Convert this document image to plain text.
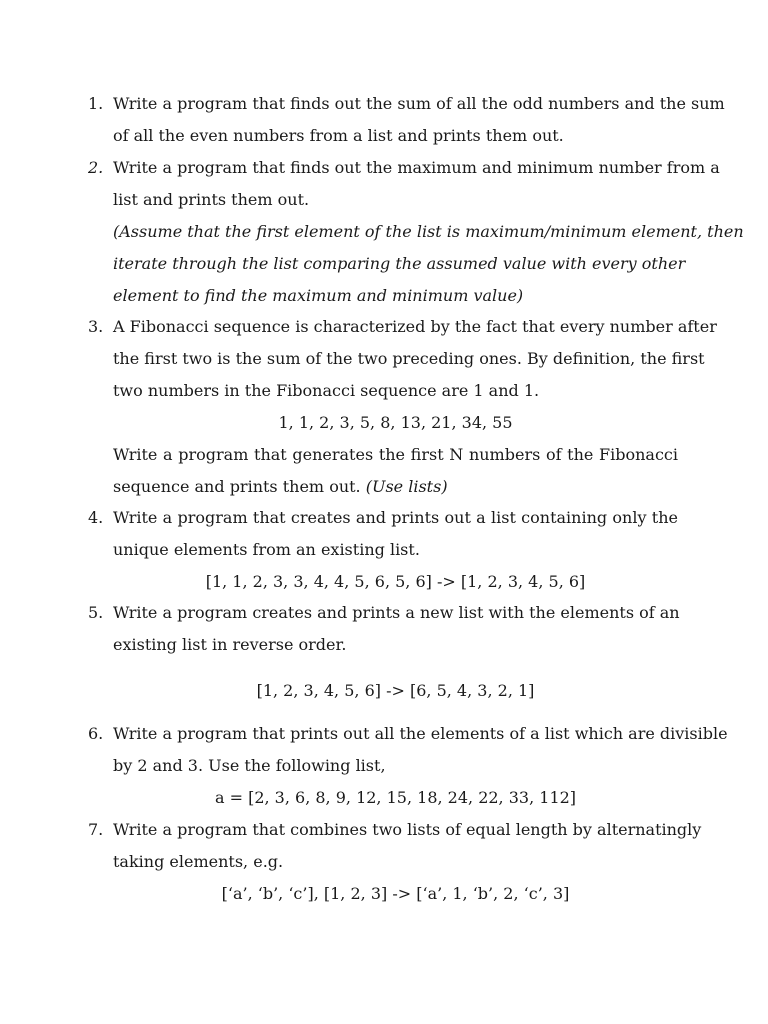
1. Write a program that finds out the sum of all the odd numbers and the sum
of all the even numbers from a list and prints them out.
2. Write a program that finds out the maximum and minimum number from a
list and prints them out.
(Assume that the first element of the list is maximum/minimum element, then
iterate through the list comparing the assumed value with every other
element to find the maximum and minimum value)
3. A Fibonacci sequence is characterized by the fact that every number after
the first two is the sum of the two preceding ones. By definition, the first
two numbers in the Fibonacci sequence are 1 and 1.
1, 1, 2, 3, 5, 8, 13, 21, 34, 55
Write a program that generates the first N numbers of the Fibonacci
sequence and prints them out. (Use lists)
4. Write a program that creates and prints out a list containing only the
unique elements from an existing list.
[1, 1, 2, 3, 3, 4, 4, 5, 6, 5, 6] -> [1, 2, 3, 4, 5, 6]
5. Write a program creates and prints a new list with the elements of an
existing list in reverse order.
[1, 2, 3, 4, 5, 6] -> [6, 5, 4, 3, 2, 1]
6. Write a program that prints out all the elements of a list which are divisible
by 2 and 3. Use the following list,
a = [2, 3, 6, 8, 9, 12, 15, 18, 24, 22, 33, 112]
7. Write a program that combines two lists of equal length by alternatingly
taking elements, e.g.
[‘a’, ‘b’, ‘c’], [1, 2, 3] -> [‘a’, 1, ‘b’, 2, ‘c’, 3]
